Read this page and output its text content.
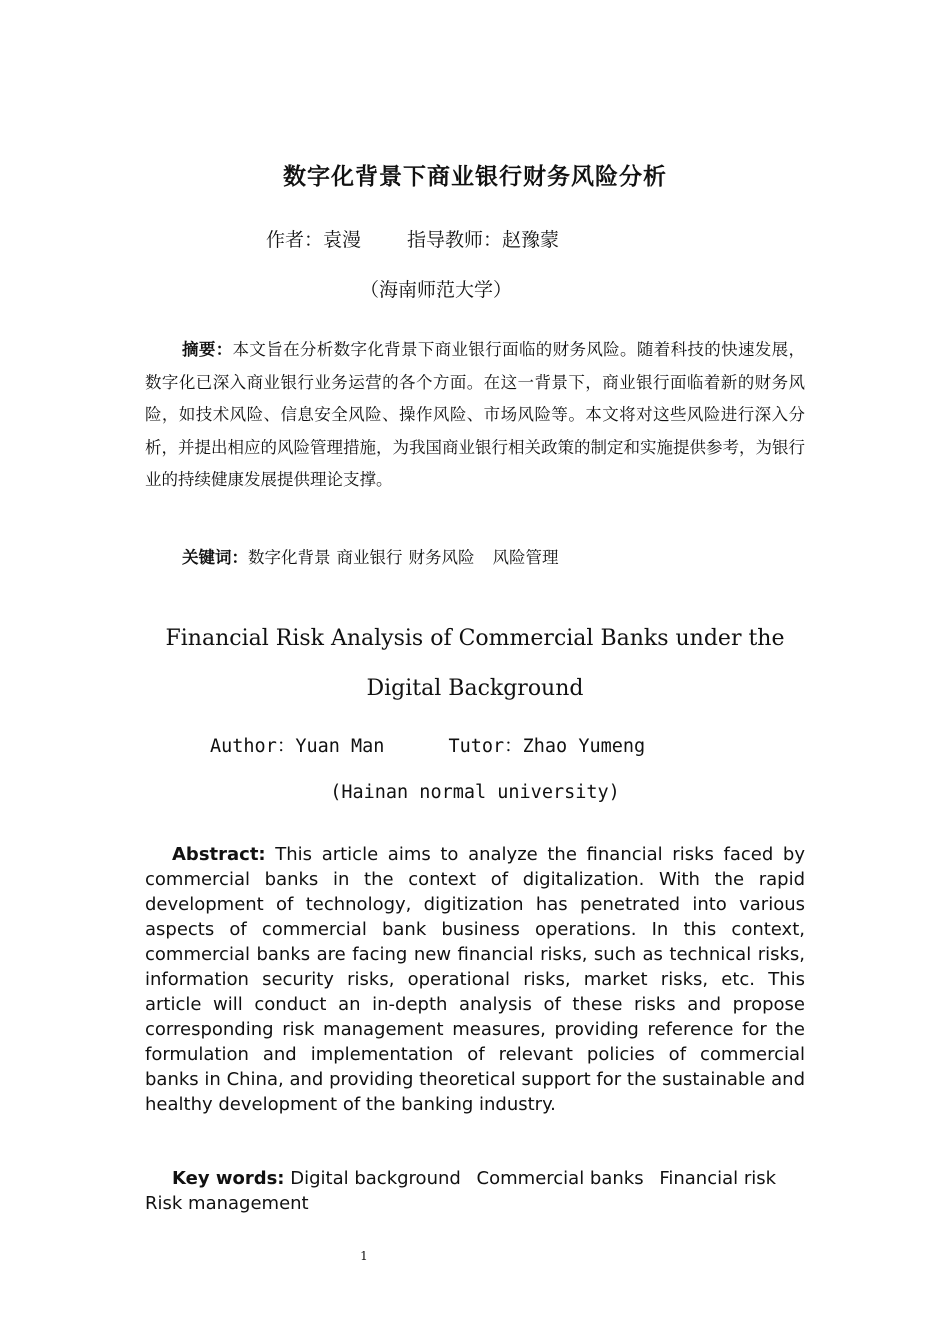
数字化背景下商业银行财务风险分析
作者：袁漫 指导教师：赵豫蒙
（海南师范大学）
摘要：本文旨在分析数字化背景下商业银行面临的财务风险。随着科技的快速发展，数字化已深入商业银行业务运营的各个方面。在这一背景下，商业银行面临着新的财务风险，如技术风险、信息安全风险、操作风险、市场风险等。本文将对这些风险进行深入分析，并提出相应的风险管理措施，为我国商业银行相关政策的制定和实施提供参考，为银行业的持续健康发展提供理论支撑。
关键词：数字化背景 商业银行 财务风险 风险管理
Financial Risk Analysis of Commercial Banks under the Digital Background
Author：Yuan Man	Tutor：Zhao Yumeng
(Hainan normal university)
Abstract: This article aims to analyze the financial risks faced by commercial banks in the context of digitalization. With the rapid development of technology, digitization has penetrated into various aspects of commercial bank business operations. In this context, commercial banks are facing new financial risks, such as technical risks, information security risks, operational risks, market risks, etc. This article will conduct an in-depth analysis of these risks and propose corresponding risk management measures, providing reference for the formulation and implementation of relevant policies of commercial banks in China, and providing theoretical support for the sustainable and healthy development of the banking industry.
Key words: Digital background Commercial banks Financial risk Risk management
1
